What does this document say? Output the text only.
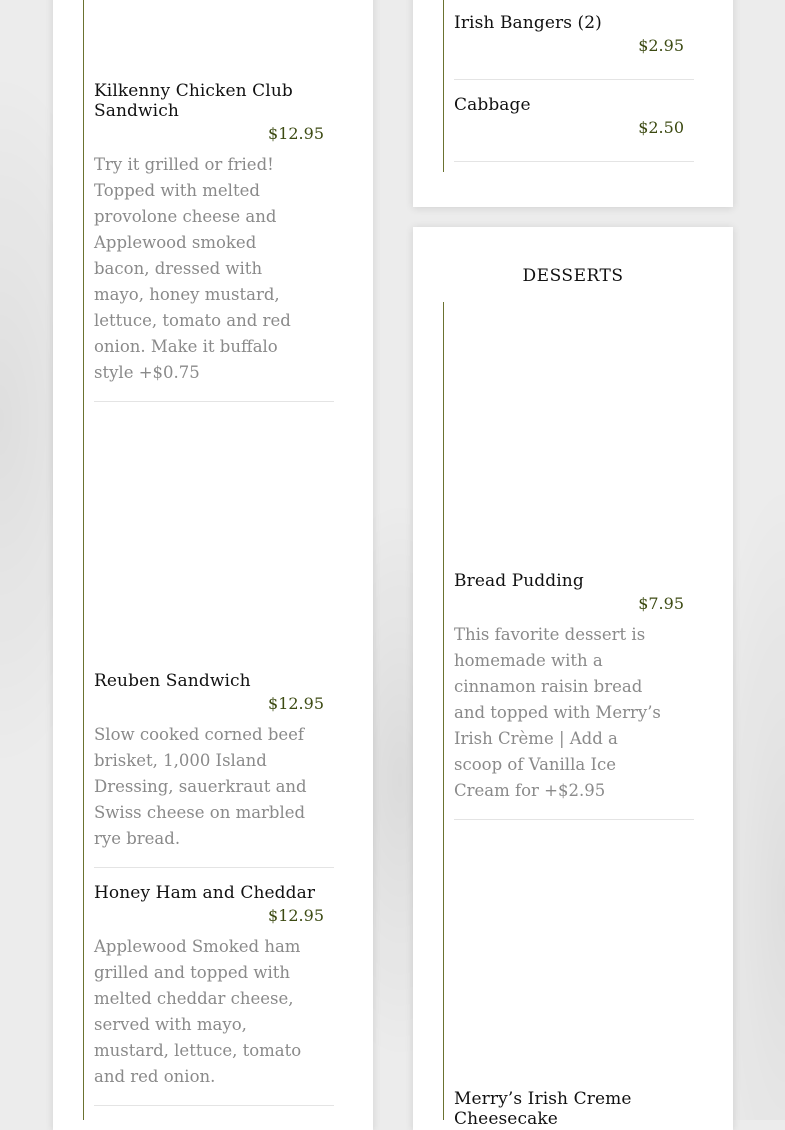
Kilkenny Chicken Club Sandwich
$12.95
Try it grilled or fried! Topped with melted provolone cheese and Applewood smoked bacon, dressed with mayo, honey mustard, lettuce, tomato and red onion. Make it buffalo style +$0.75
Reuben Sandwich
$12.95
Slow cooked corned beef brisket, 1,000 Island Dressing, sauerkraut and Swiss cheese on marbled rye bread.
Honey Ham and Cheddar
$12.95
Applewood Smoked ham grilled and topped with melted cheddar cheese, served with mayo, mustard, lettuce, tomato and red onion.
Irish Bangers (2)
$2.95
Cabbage
$2.50
DESSERTS
Bread Pudding
$7.95
This favorite dessert is homemade with a cinnamon raisin bread and topped with Merry’s Irish Crème | Add a scoop of Vanilla Ice Cream for +$2.95
Merry’s Irish Creme Cheesecake
